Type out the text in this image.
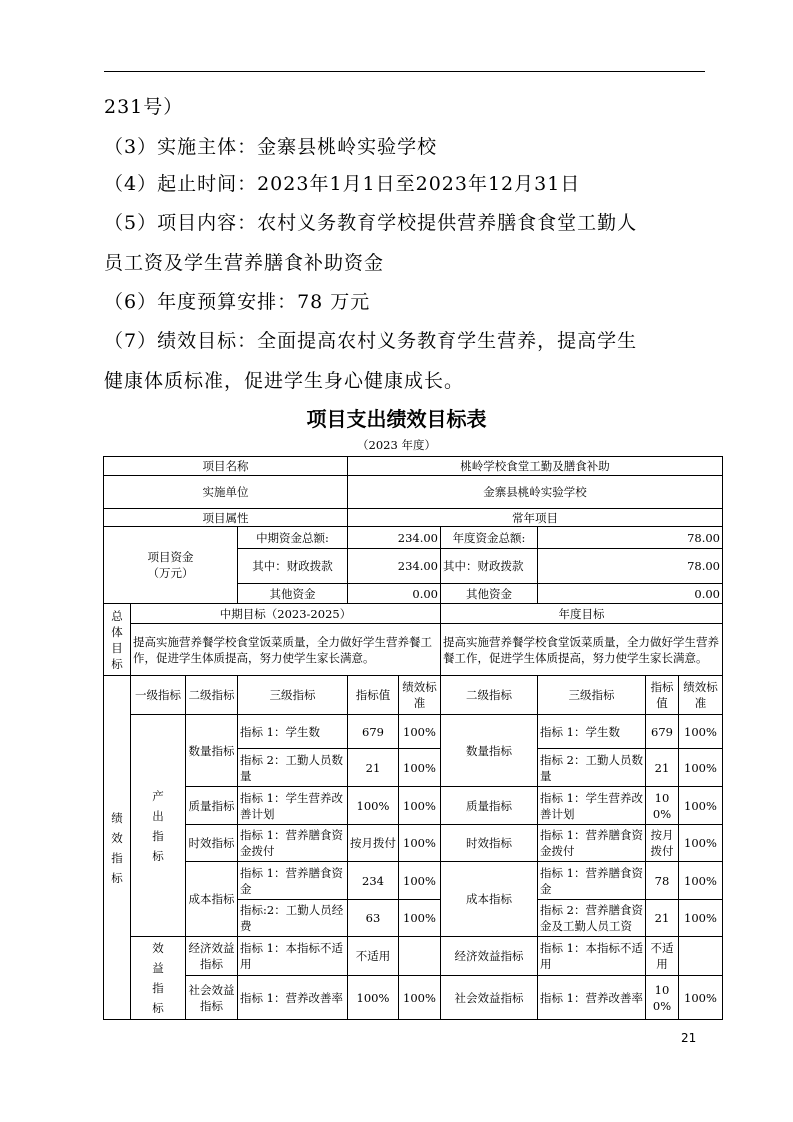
231号）
（3）实施主体：金寨县桃岭实验学校
（4）起止时间：2023年1月1日至2023年12月31日
（5）项目内容：农村义务教育学校提供营养膳食食堂工勤人
员工资及学生营养膳食补助资金
（6）年度预算安排：78 万元
（7）绩效目标：全面提高农村义务教育学生营养，提高学生
健康体质标准，促进学生身心健康成长。
项目支出绩效目标表
（2023 年度）
项目名称				桃岭学校食堂工勤及膳食补助					
实施单位				金寨县桃岭实验学校					
项目属性				常年项目					
项目资金
（万元）			中期资金总额:	234.00		年度资金总额:	78.00		
			其中：财政拨款	234.00		其中：财政拨款	78.00		
			其他资金	0.00		其他资金	0.00		

总体目标	中期目标（2023-2025）					年度目标			
	提高实施营养餐学校食堂饭菜质量，全力做好学生营养餐工作，促进学生体质提高，努力使学生家长满意。					提高实施营养餐学校食堂饭菜质量，全力做好学生营养餐工作，促进学生体质提高，努力使学生家长满意。			

绩效指标	一级指标	二级指标	三级指标	指标值	绩效标准	二级指标	三级指标	指标值	绩效标准

	产出指标	数量指标	指标 1：学生数	679	100%	数量指标	指标 1：学生数	679	100%
			指标 2：工勤人员数量	21	100%		指标 2：工勤人员数量	21	100%
		质量指标	指标 1：学生营养改善计划	100%	100%	质量指标	指标 1：学生营养改善计划	100%	100%
		时效指标	指标 1：营养膳食资金拨付	按月拨付	100%	时效指标	指标 1：营养膳食资金拨付	按月拨付	100%
		成本指标	指标 1：营养膳食资金	234	100%	成本指标	指标 1：营养膳食资金	78	100%
			指标:2：工勤人员经费	63	100%		指标 2：营养膳食资金及工勤人员工资	21	100%

	效益指标	经济效益指标	指标 1：本指标不适用	不适用		经济效益指标	指标 1：本指标不适用	不适用	
		社会效益指标	指标 1：营养改善率	100%	100%	社会效益指标	指标 1：营养改善率	100%	100%
21
